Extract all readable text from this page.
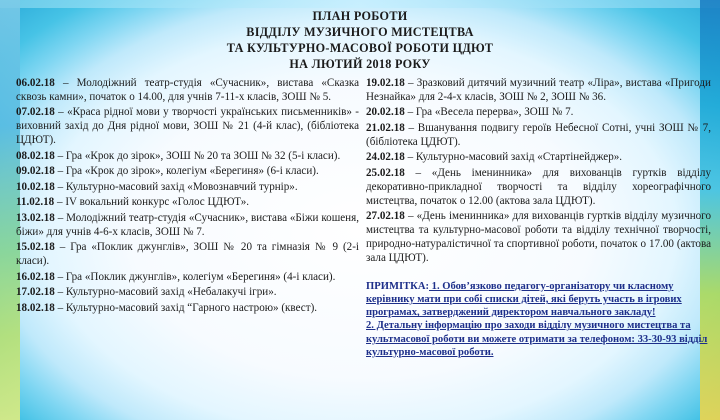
ПЛАН РОБОТИ

ВІДДІЛУ МУЗИЧНОГО МИСТЕЦТВА

ТА КУЛЬТУРНО-МАСОВОЇ РОБОТИ ЦДЮТ

НА ЛЮТИЙ 2018 РОКУ

06.02.18 – Молодіжний театр-студія «Сучасник», вистава «Сказка сквозь камни», початок о 14.00, для учнів 7-11-х класів, ЗОШ № 5.

07.02.18 – «Краса рідної мови у творчості українських письменників» - виховний захід до Дня рідної мови, ЗОШ № 21 (4-й клас), (бібліотека ЦДЮТ).

08.02.18 – Гра «Крок до зірок», ЗОШ № 20 та ЗОШ № 32 (5-і класи).

09.02.18 – Гра «Крок до зірок», колегіум «Берегиня» (6-і класи).

10.02.18 – Культурно-масовий захід «Мовознавчий турнір».

11.02.18 – IV вокальний конкурс «Голос ЦДЮТ».

13.02.18 – Молодіжний театр-студія «Сучасник», вистава «Біжи кошеня, біжи» для учнів 4-6-х класів, ЗОШ № 7.

15.02.18 – Гра «Поклик джунглів», ЗОШ № 20 та гімназія № 9 (2-і класи).

16.02.18 – Гра «Поклик джунглів», колегіум «Берегиня» (4-і класи).

17.02.18 – Культурно-масовий захід «Небалакучі ігри».

18.02.18 – Культурно-масовий захід “Гарного настрою» (квест).

19.02.18 – Зразковий дитячий музичний театр «Ліра», вистава «Пригоди Незнайка» для 2-4-х класів, ЗОШ № 2, ЗОШ № 36.

20.02.18 – Гра «Весела перерва», ЗОШ № 7.

21.02.18 – Вшанування подвигу героїв Небесної Сотні, учні ЗОШ № 7, (бібліотека ЦДЮТ).

24.02.18 – Культурно-масовий захід «Стартінейджер».

25.02.18 – «День іменинника» для вихованців гуртків відділу декоративно-прикладної творчості та відділу хореографічного мистецтва, початок о 12.00 (актова зала ЦДЮТ).

27.02.18 – «День іменинника» для вихованців гуртків відділу музичного мистецтва та культурно-масової роботи та відділу технічної творчості, природно-натуралістичної та спортивної роботи, початок о 17.00 (актова зала ЦДЮТ).

ПРИМІТКА: 1. Обов’язково педагогу-організатору чи класному керівнику мати при собі списки дітей, які беруть участь в ігрових програмах, затверджений директором навчального закладу!
2. Детальну інформацію про заходи відділу музичного мистецтва та культмасової роботи ви можете отримати за телефоном: 33-30-93 відділ культурно-масової роботи.
